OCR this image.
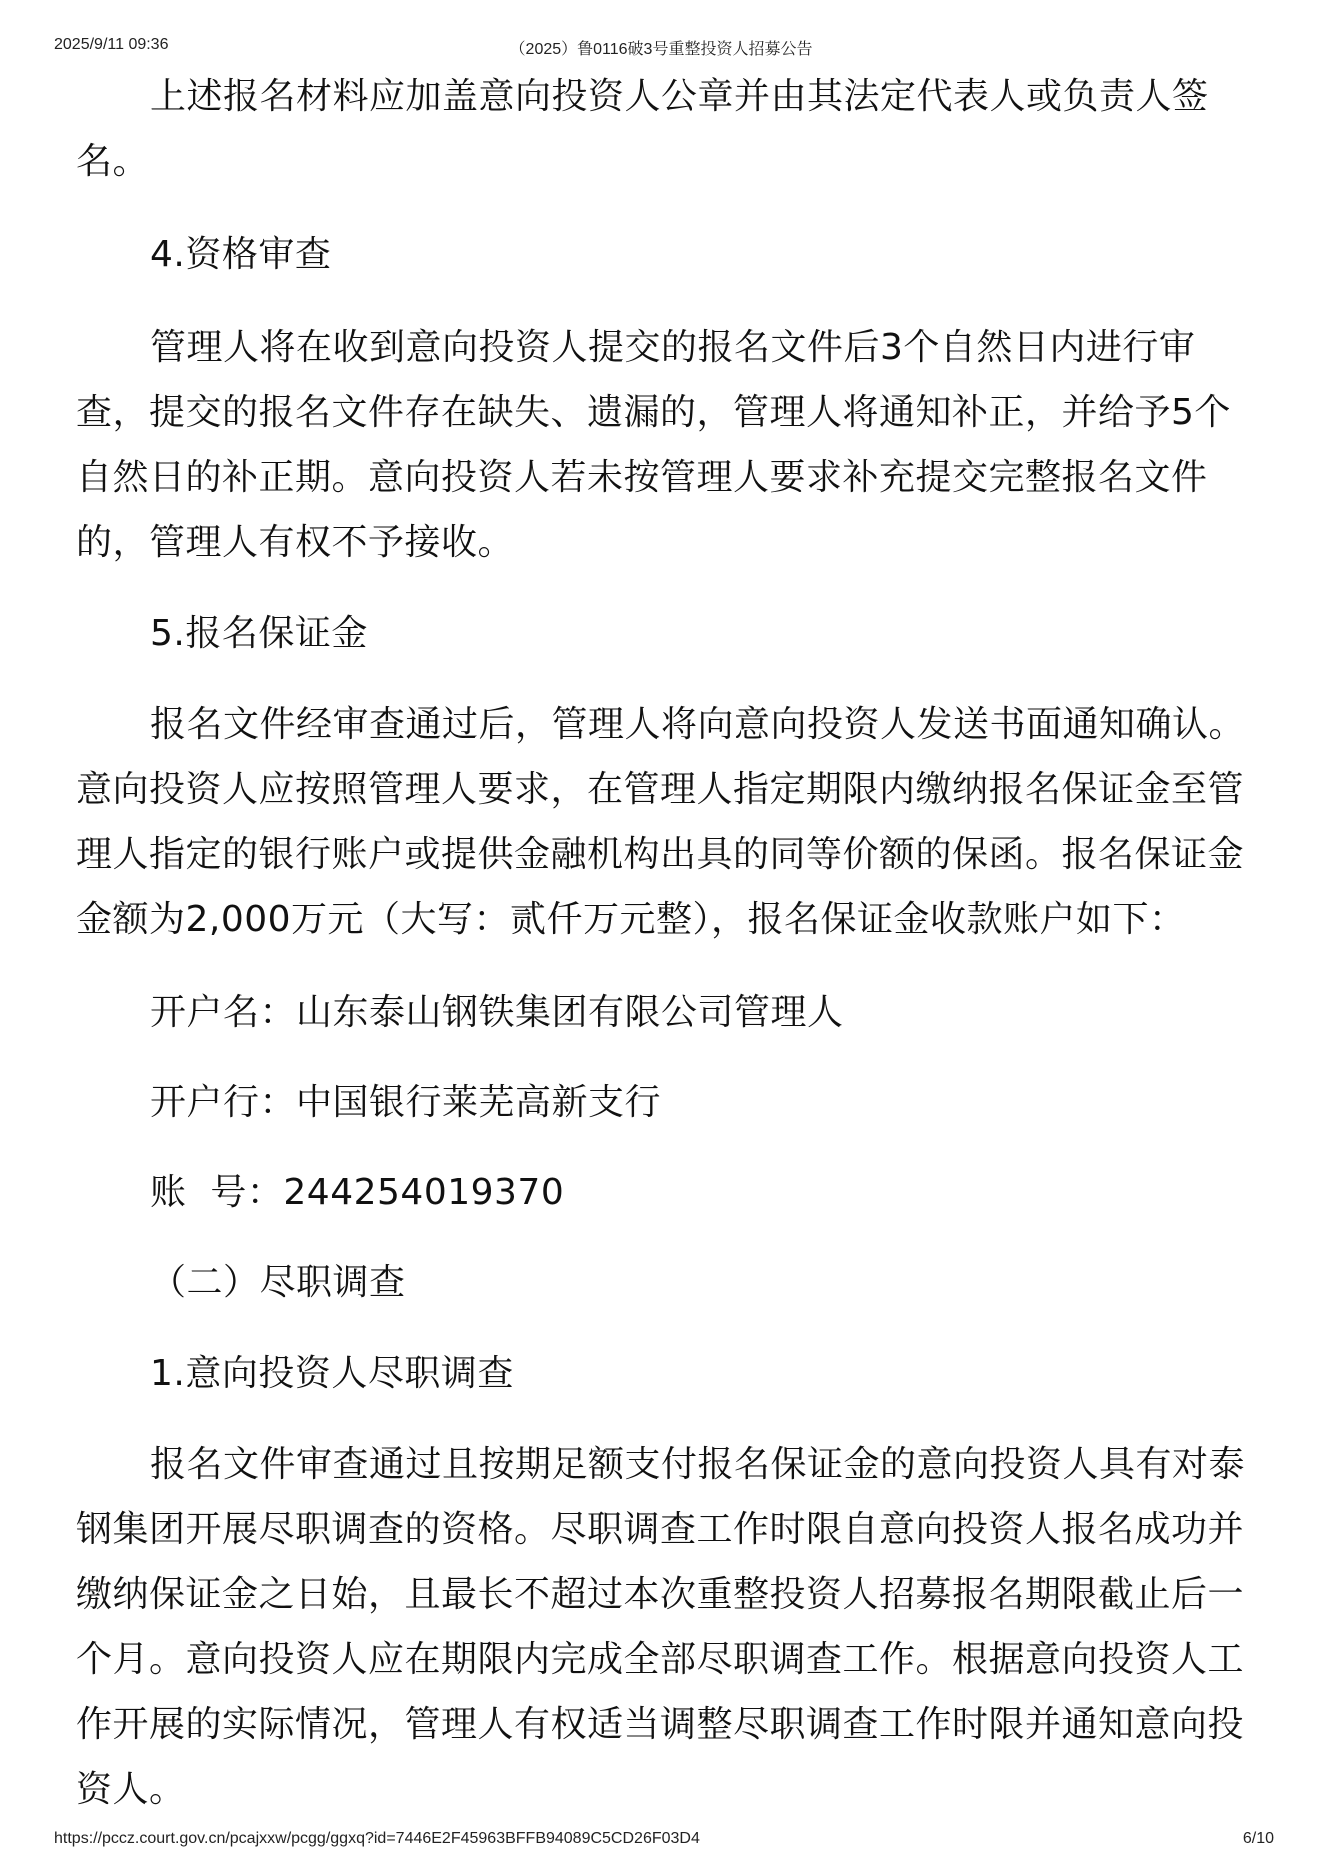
2025/9/11 09:36	（2025）鲁0116破3号重整投资人招募公告

上述报名材料应加盖意向投资人公章并由其法定代表人或负责人签名。

4.资格审查

管理人将在收到意向投资人提交的报名文件后3个自然日内进行审查，提交的报名文件存在缺失、遗漏的，管理人将通知补正，并给予5个自然日的补正期。意向投资人若未按管理人要求补充提交完整报名文件的，管理人有权不予接收。

5.报名保证金

报名文件经审查通过后，管理人将向意向投资人发送书面通知确认。意向投资人应按照管理人要求，在管理人指定期限内缴纳报名保证金至管理人指定的银行账户或提供金融机构出具的同等价额的保函。报名保证金金额为2,000万元（大写：贰仟万元整），报名保证金收款账户如下：

开户名：山东泰山钢铁集团有限公司管理人

开户行：中国银行莱芜高新支行

账  号：244254019370

（二）尽职调查

1.意向投资人尽职调查

报名文件审查通过且按期足额支付报名保证金的意向投资人具有对泰钢集团开展尽职调查的资格。尽职调查工作时限自意向投资人报名成功并缴纳保证金之日始，且最长不超过本次重整投资人招募报名期限截止后一个月。意向投资人应在期限内完成全部尽职调查工作。根据意向投资人工作开展的实际情况，管理人有权适当调整尽职调查工作时限并通知意向投资人。

https://pccz.court.gov.cn/pcajxxw/pcgg/ggxq?id=7446E2F45963BFFB94089C5CD26F03D4	6/10
